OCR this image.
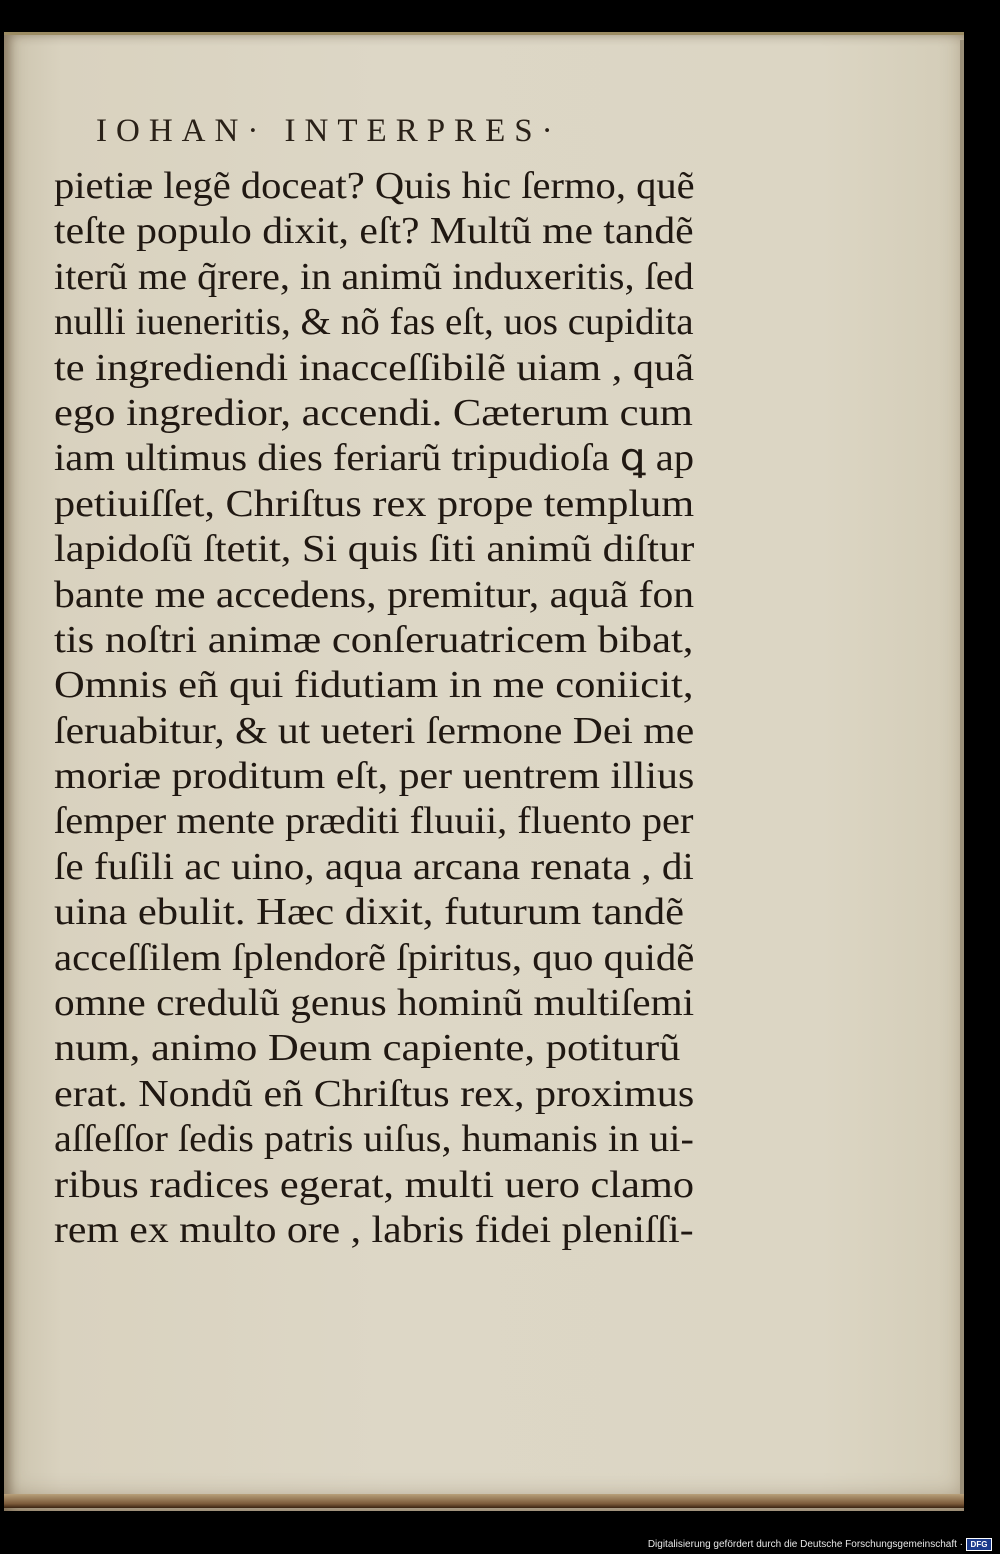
IOHAN· INTERPRES·
pietiæ legẽ doceat? Quis hic ſermo, quẽ
teſte populo dixit, eſt? Multũ me tandẽ
iterũ me q̃rere, in animũ induxeritis, ſed
nulli iueneritis, & nõ fas eſt, uos cupidita
te ingrediendi inacceſſibilẽ uiam , quã
ego ingredior, accendi. Cæterum cum
iam ultimus dies feriarũ tripudioſa ꝗ ap
petiuiſſet, Chriſtus rex prope templum
lapidoſũ ſtetit, Si quis ſiti animũ diſtur
bante me accedens, premitur, aquã fon
tis noſtri animæ conſeruatricem bibat,
Omnis eñ qui fidutiam in me coniicit,
ſeruabitur, & ut ueteri ſermone Dei me
moriæ proditum eſt, per uentrem illius
ſemper mente præditi fluuii, fluento per
ſe fuſili ac uino, aqua arcana renata , di
uina ebulit. Hæc dixit, futurum tandẽ
acceſſilem ſplendorẽ ſpiritus, quo quidẽ
omne credulũ genus hominũ multiſemi
num, animo Deum capiente, potiturũ
erat. Nondũ eñ Chriſtus rex, proximus
aſſeſſor ſedis patris uiſus, humanis in ui-
ribus radices egerat, multi uero clamo
rem ex multo ore , labris fidei pleniſſi-
Digitalisierung gefördert durch die Deutsche Forschungsgemeinschaft · DFG
